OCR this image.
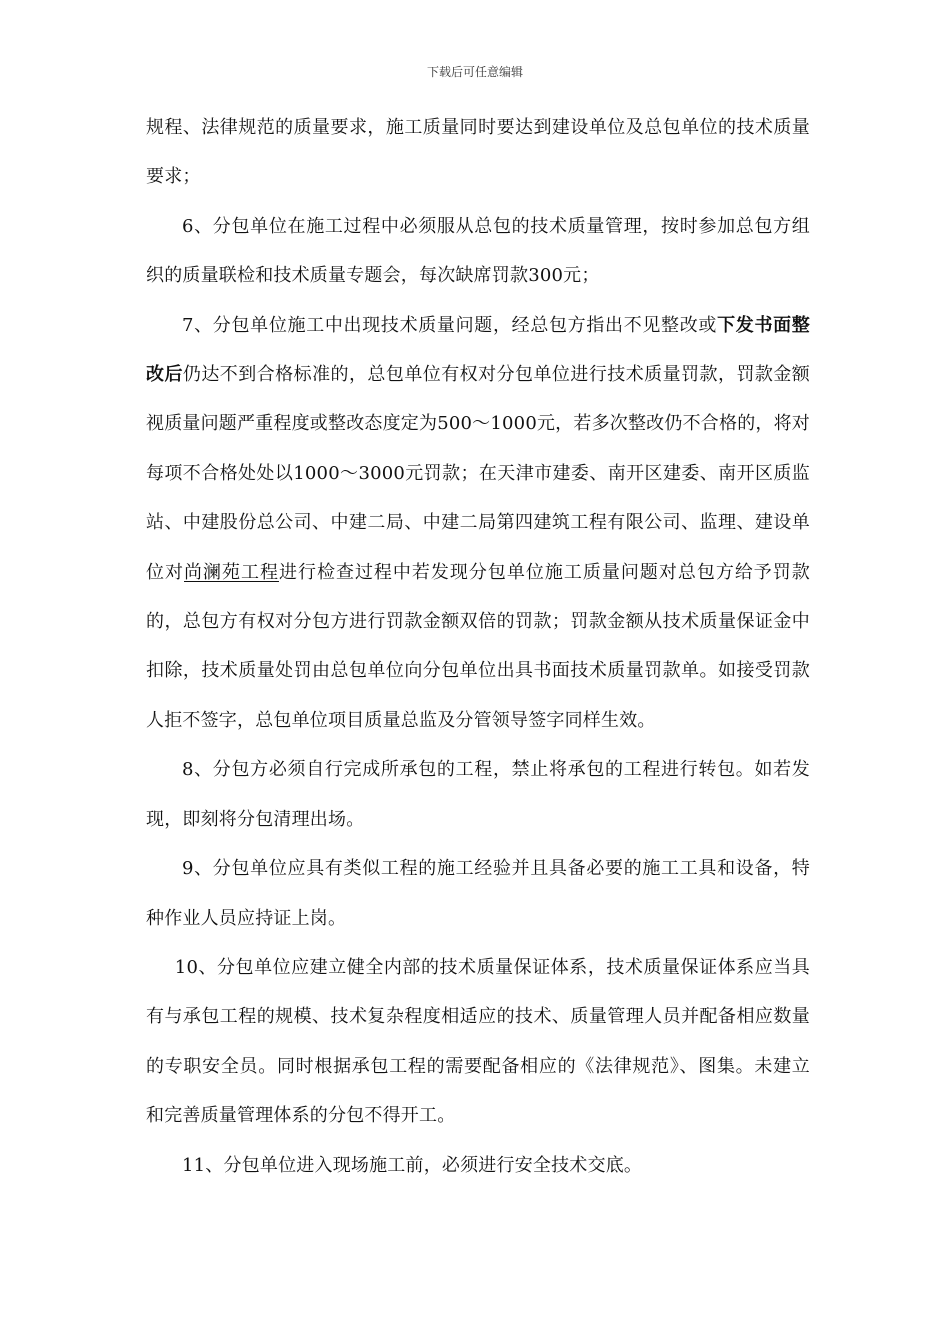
下载后可任意编辑

规程、法律规范的质量要求，施工质量同时要达到建设单位及总包单位的技术质量要求；

6、分包单位在施工过程中必须服从总包的技术质量管理，按时参加总包方组织的质量联检和技术质量专题会，每次缺席罚款300元；

7、分包单位施工中出现技术质量问题，经总包方指出不见整改或下发书面整改后仍达不到合格标准的，总包单位有权对分包单位进行技术质量罚款，罚款金额视质量问题严重程度或整改态度定为500～1000元，若多次整改仍不合格的，将对每项不合格处处以1000～3000元罚款；在天津市建委、南开区建委、南开区质监站、中建股份总公司、中建二局、中建二局第四建筑工程有限公司、监理、建设单位对尚澜苑工程进行检查过程中若发现分包单位施工质量问题对总包方给予罚款的，总包方有权对分包方进行罚款金额双倍的罚款；罚款金额从技术质量保证金中扣除，技术质量处罚由总包单位向分包单位出具书面技术质量罚款单。如接受罚款人拒不签字，总包单位项目质量总监及分管领导签字同样生效。

8、分包方必须自行完成所承包的工程，禁止将承包的工程进行转包。如若发现，即刻将分包清理出场。

9、分包单位应具有类似工程的施工经验并且具备必要的施工工具和设备，特种作业人员应持证上岗。

10、分包单位应建立健全内部的技术质量保证体系，技术质量保证体系应当具有与承包工程的规模、技术复杂程度相适应的技术、质量管理人员并配备相应数量的专职安全员。同时根据承包工程的需要配备相应的《法律规范》、图集。未建立和完善质量管理体系的分包不得开工。

11、分包单位进入现场施工前，必须进行安全技术交底。
